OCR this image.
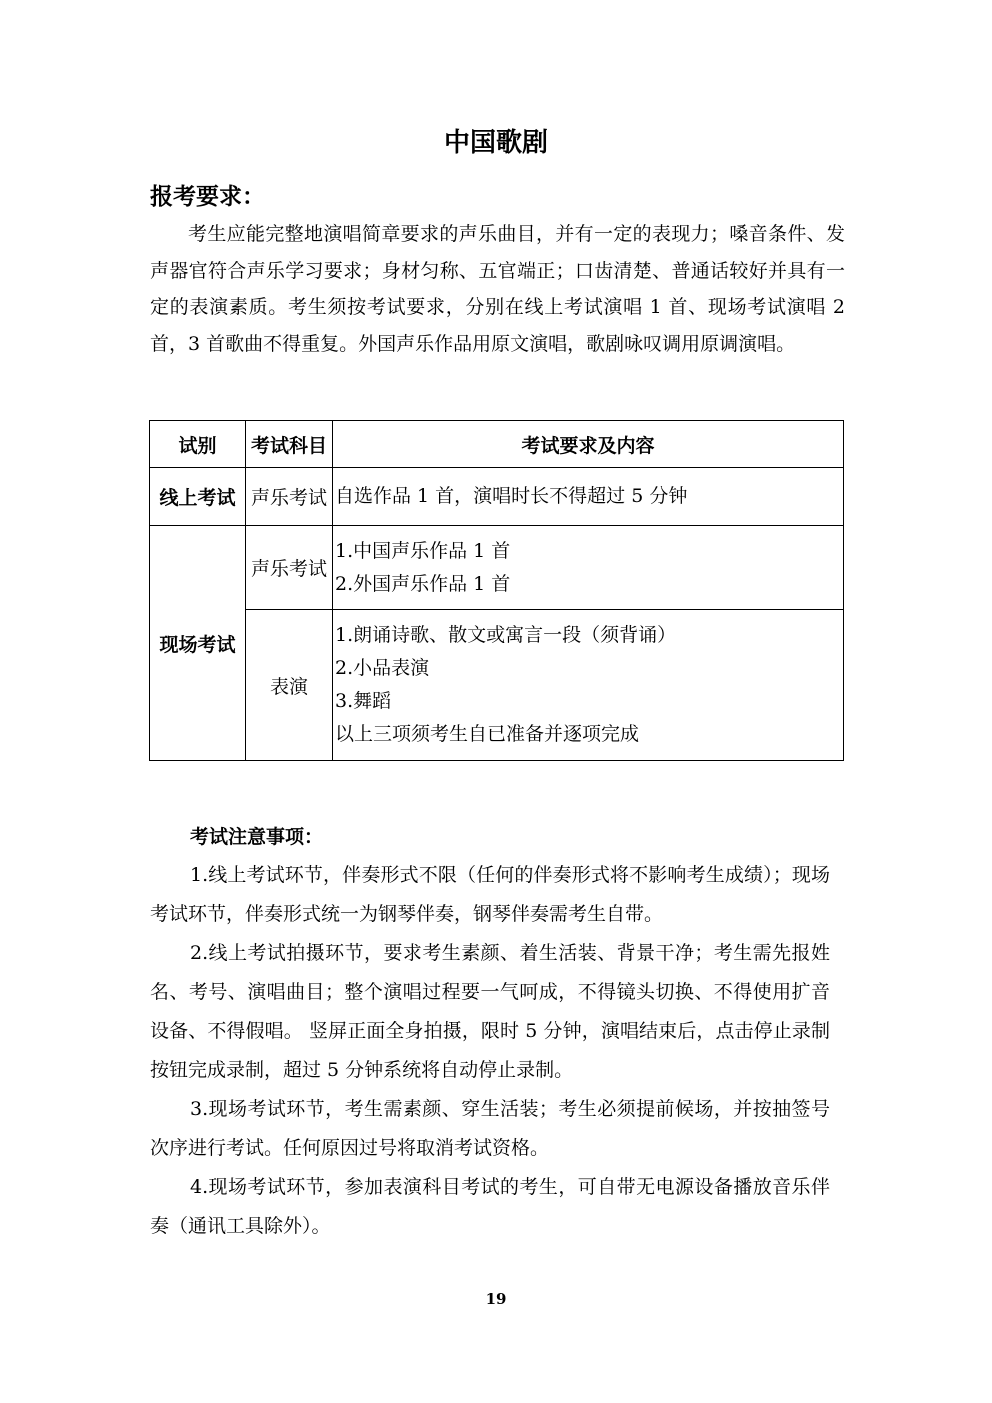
中国歌剧
报考要求：

考生应能完整地演唱简章要求的声乐曲目，并有一定的表现力；嗓音条件、发声器官符合声乐学习要求；身材匀称、五官端正；口齿清楚、普通话较好并具有一定的表演素质。考生须按考试要求，分别在线上考试演唱 1 首、现场考试演唱 2 首，3 首歌曲不得重复。外国声乐作品用原文演唱，歌剧咏叹调用原调演唱。

试别	考试科目	考试要求及内容
线上考试	声乐考试	自选作品 1 首，演唱时长不得超过 5 分钟

现场考试	声乐考试	1.中国声乐作品 1 首
2.外国声乐作品 1 首

	表演	1.朗诵诗歌、散文或寓言一段（须背诵）
2.小品表演
3.舞蹈
以上三项须考生自已准备并逐项完成
考试注意事项：

1.线上考试环节，伴奏形式不限（任何的伴奏形式将不影响考生成绩）；现场考试环节，伴奏形式统一为钢琴伴奏，钢琴伴奏需考生自带。

2.线上考试拍摄环节，要求考生素颜、着生活装、背景干净；考生需先报姓名、考号、演唱曲目；整个演唱过程要一气呵成，不得镜头切换、不得使用扩音设备、不得假唱。 竖屏正面全身拍摄，限时 5 分钟，演唱结束后，点击停止录制按钮完成录制，超过 5 分钟系统将自动停止录制。

3.现场考试环节，考生需素颜、穿生活装；考生必须提前候场，并按抽签号次序进行考试。任何原因过号将取消考试资格。

4.现场考试环节，参加表演科目考试的考生，可自带无电源设备播放音乐伴奏（通讯工具除外）。

19
